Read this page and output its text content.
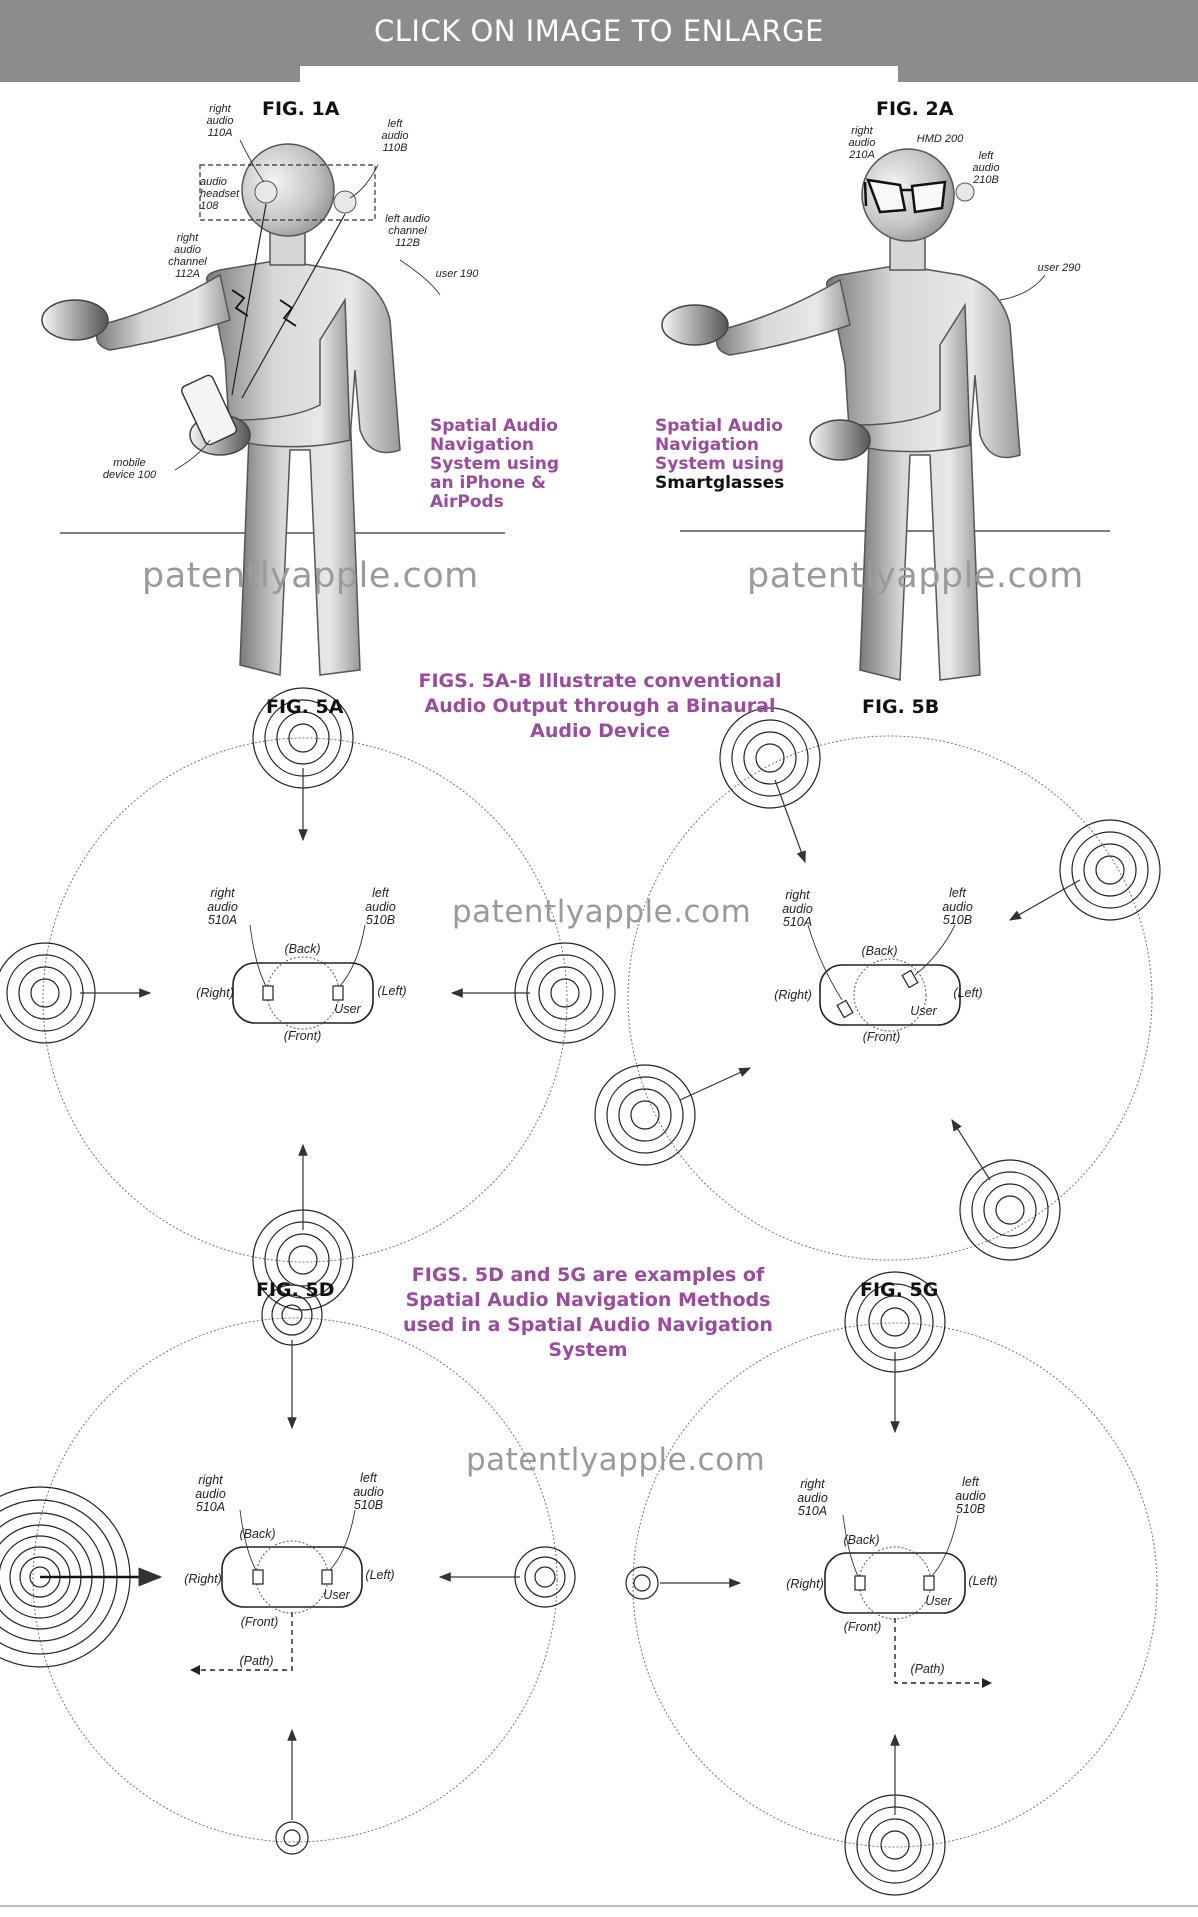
CLICK ON IMAGE TO ENLARGE
FIG. 1A
right
audio
110A
left
audio
110B
audio
headset
108
left audio
channel
112B
right
audio
channel
112A	user 190
mobile
device 100
Spatial Audio
Navigation
System using
an iPhone &
AirPods
FIG. 2A
right
audio
210A
HMD 200
left
audio
210B
user 290
Spatial Audio
Navigation
System using
Smartglasses
patentlyapple.com	patentlyapple.com
patentlyapple.com
patentlyapple.com
FIGS. 5A-B Illustrate conventional
Audio Output through a Binaural
Audio Device
FIGS. 5D and 5G are examples of
Spatial Audio Navigation Methods
used in a Spatial Audio Navigation
System
FIG. 5A	FIG. 5B
FIG. 5D	FIG. 5G
right
audio
510A
left
audio
510B
(Back)
(Front)
(Right)	(Left)
User
right
audio
510A
left
audio
510B
(Back)
(Front)
(Right)	(Left)
User
right
audio
510A
left
audio
510B
(Back)
(Front)
(Right)	(Left)
User
(Path)
right
audio
510A
left
audio
510B
(Back)
(Front)
(Right)	(Left)
User
(Path)
